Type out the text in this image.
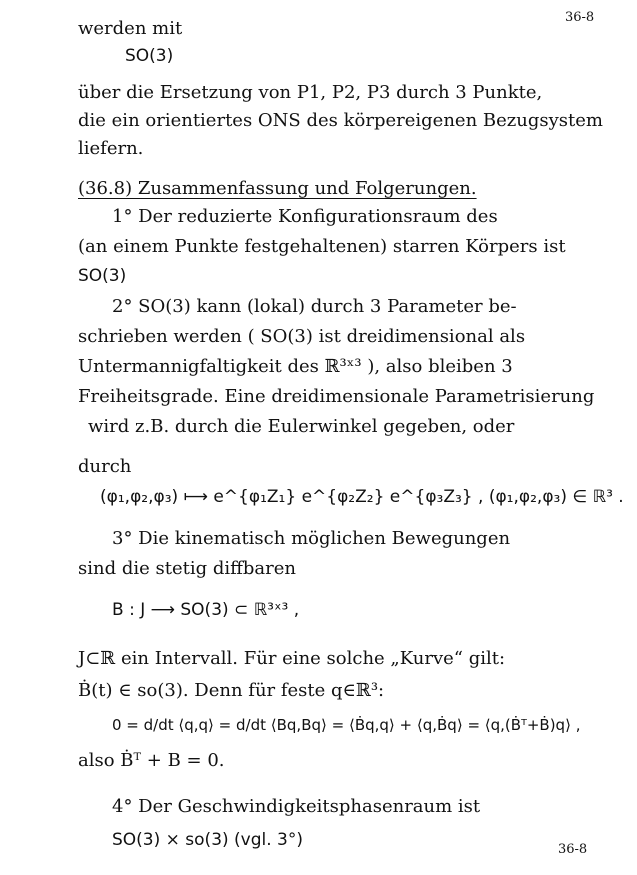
36-8
werden mit
SO(3)
über die Ersetzung von P1, P2, P3 durch 3 Punkte,
die ein orientiertes ONS des körpereigenen Bezugsystem
liefern.
(36.8) Zusammenfassung und Folgerungen.
1° Der reduzierte Konfigurationsraum des
(an einem Punkte festgehaltenen) starren Körpers ist
SO(3)
2° SO(3) kann (lokal) durch 3 Parameter be-
schrieben werden ( SO(3) ist dreidimensional als
Untermannigfaltigkeit des ℝ³ˣ³ ), also bleiben 3
Freiheitsgrade. Eine dreidimensionale Parametrisierung
wird z.B. durch die Eulerwinkel gegeben, oder
durch
(φ₁,φ₂,φ₃) ⟼ e^{φ₁Z₁} e^{φ₂Z₂} e^{φ₃Z₃} , (φ₁,φ₂,φ₃) ∈ ℝ³ .
3° Die kinematisch möglichen Bewegungen
sind die stetig diffbaren
B : J ⟶ SO(3) ⊂ ℝ³ˣ³ ,
J⊂ℝ ein Intervall. Für eine solche „Kurve“ gilt:
Ḃ(t) ∈ so(3). Denn für feste q∈ℝ³:
0 = d/dt ⟨q,q⟩ = d/dt ⟨Bq,Bq⟩ = ⟨Ḃq,q⟩ + ⟨q,Ḃq⟩ = ⟨q,(Ḃᵀ+Ḃ)q⟩ ,
also Ḃᵀ + B = 0.
4° Der Geschwindigkeitsphasenraum ist
SO(3) × so(3) (vgl. 3°)	36-8
